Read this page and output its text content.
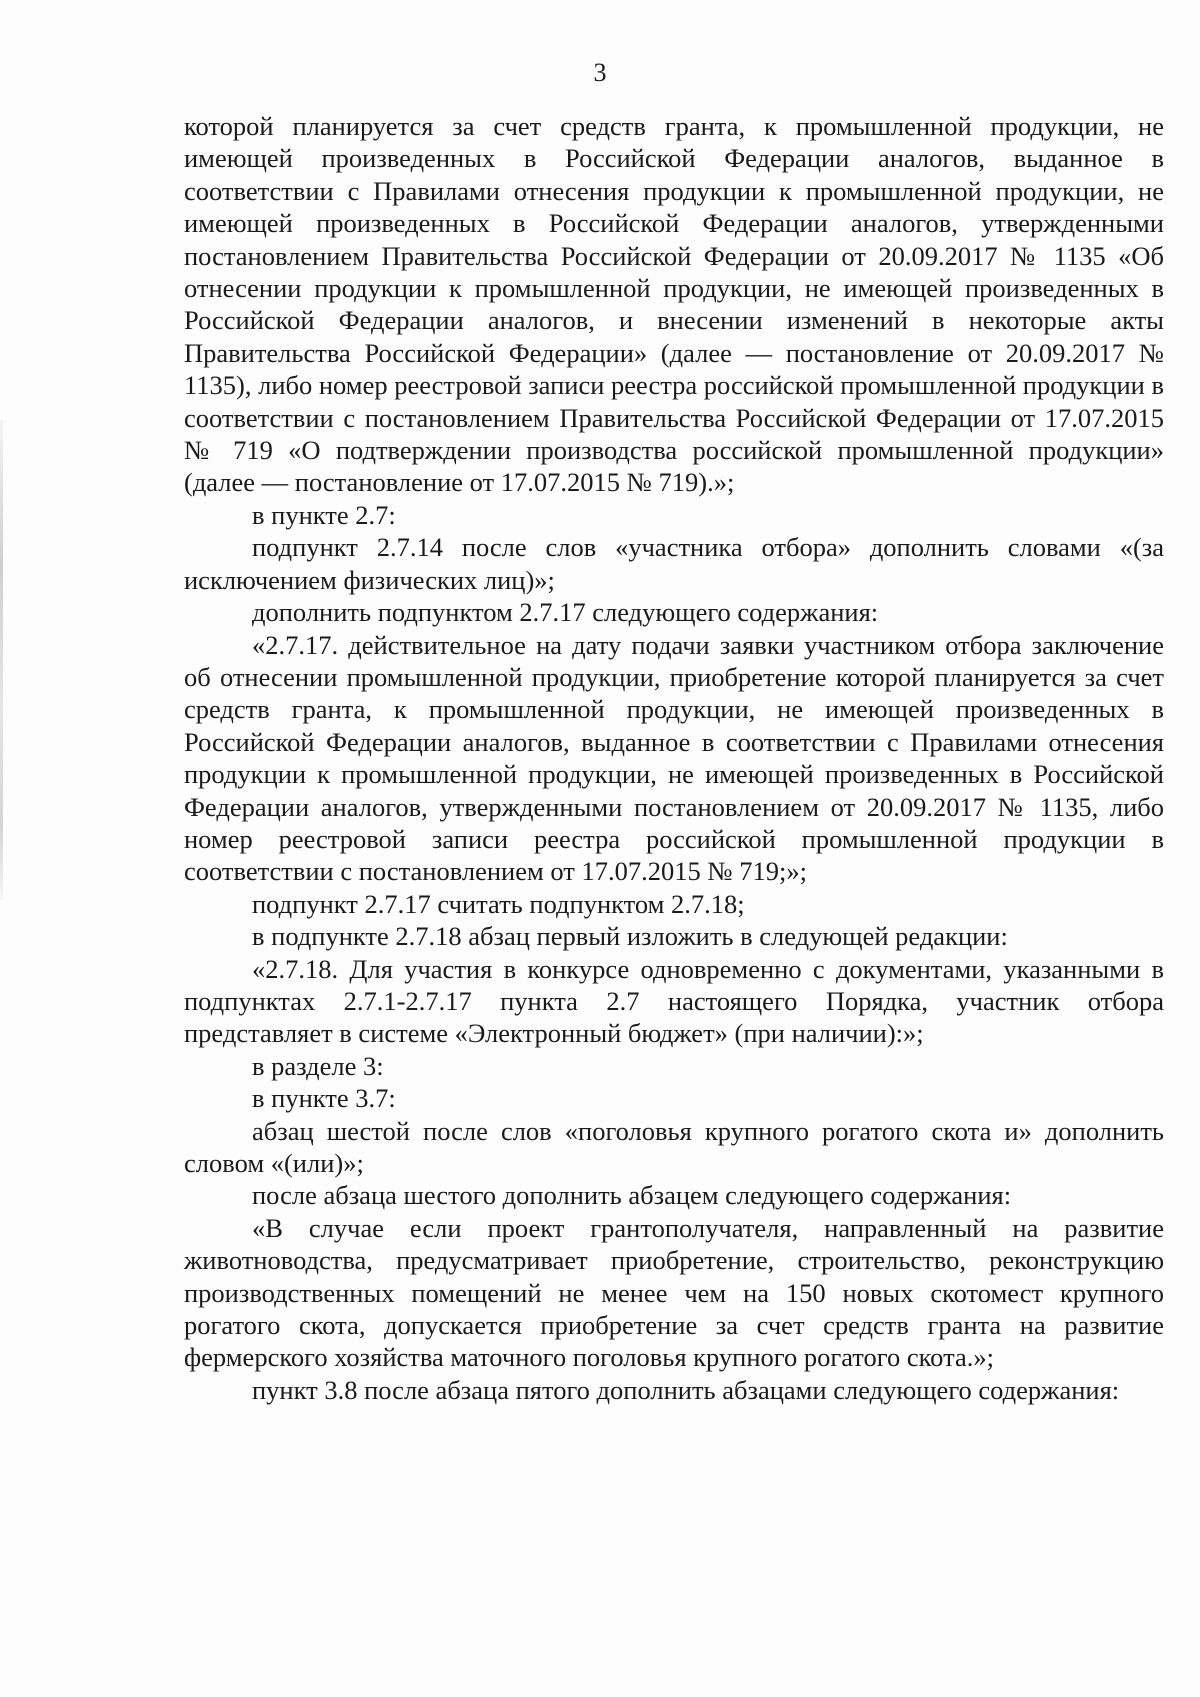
3

которой планируется за счет средств гранта, к промышленной продукции, не имеющей произведенных в Российской Федерации аналогов, выданное в соответствии с Правилами отнесения продукции к промышленной продукции, не имеющей произведенных в Российской Федерации аналогов, утвержденными постановлением Правительства Российской Федерации от 20.09.2017 № 1135 «Об отнесении продукции к промышленной продукции, не имеющей произведенных в Российской Федерации аналогов, и внесении изменений в некоторые акты Правительства Российской Федерации» (далее — постановление от 20.09.2017 № 1135), либо номер реестровой записи реестра российской промышленной продукции в соответствии с постановлением Правительства Российской Федерации от 17.07.2015 № 719 «О подтверждении производства российской промышленной продукции» (далее — постановление от 17.07.2015 № 719).»;

в пункте 2.7:

подпункт 2.7.14 после слов «участника отбора» дополнить словами «(за исключением физических лиц)»;

дополнить подпунктом 2.7.17 следующего содержания:

«2.7.17. действительное на дату подачи заявки участником отбора заключение об отнесении промышленной продукции, приобретение которой планируется за счет средств гранта, к промышленной продукции, не имеющей произведенных в Российской Федерации аналогов, выданное в соответствии с Правилами отнесения продукции к промышленной продукции, не имеющей произведенных в Российской Федерации аналогов, утвержденными постановлением от 20.09.2017 № 1135, либо номер реестровой записи реестра российской промышленной продукции в соответствии с постановлением от 17.07.2015 № 719;»;

подпункт 2.7.17 считать подпунктом 2.7.18;

в подпункте 2.7.18 абзац первый изложить в следующей редакции:

«2.7.18. Для участия в конкурсе одновременно с документами, указанными в подпунктах 2.7.1-2.7.17 пункта 2.7 настоящего Порядка, участник отбора представляет в системе «Электронный бюджет» (при наличии):»;

в разделе 3:

в пункте 3.7:

абзац шестой после слов «поголовья крупного рогатого скота и» дополнить словом «(или)»;

после абзаца шестого дополнить абзацем следующего содержания:

«В случае если проект грантополучателя, направленный на развитие животноводства, предусматривает приобретение, строительство, реконструкцию производственных помещений не менее чем на 150 новых скотомест крупного рогатого скота, допускается приобретение за счет средств гранта на развитие фермерского хозяйства маточного поголовья крупного рогатого скота.»;

пункт 3.8 после абзаца пятого дополнить абзацами следующего содержания:
